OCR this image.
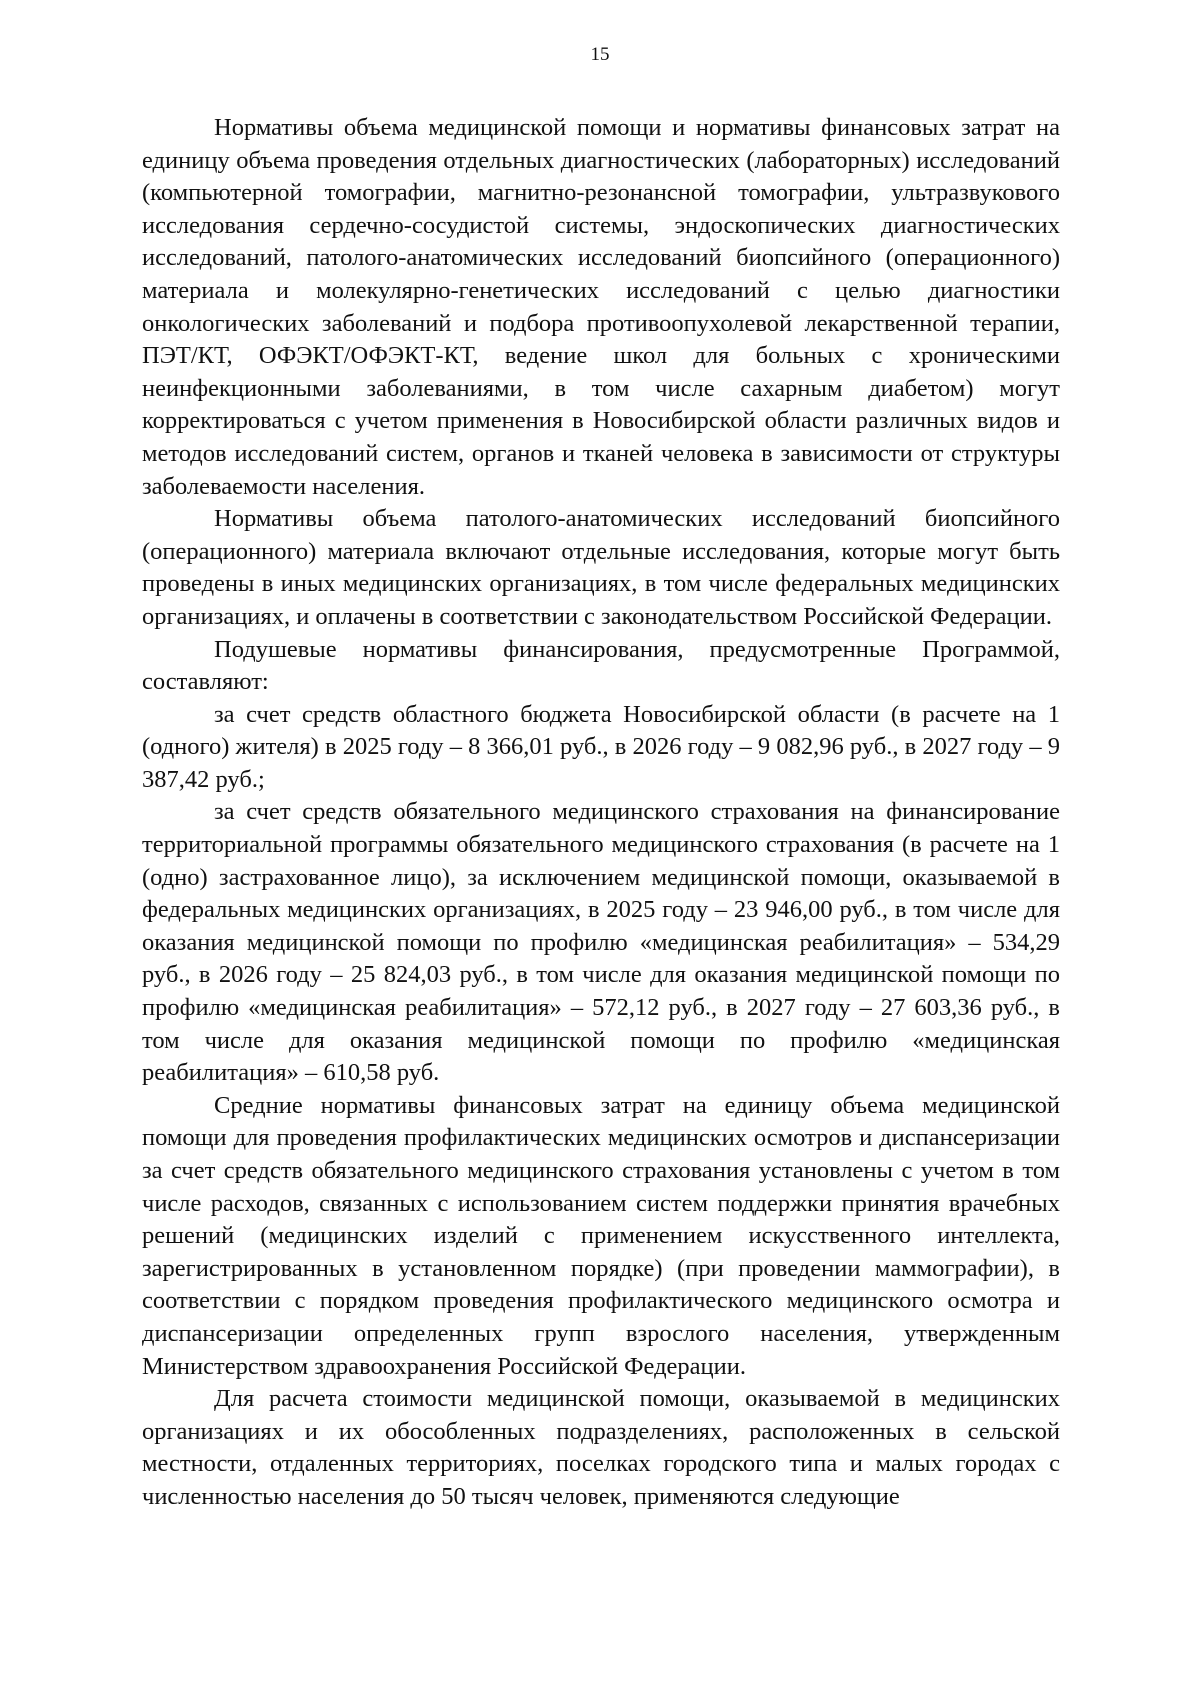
15

Нормативы объема медицинской помощи и нормативы финансовых затрат на единицу объема проведения отдельных диагностических (лабораторных) исследований (компьютерной томографии, магнитно-резонансной томографии, ультразвукового исследования сердечно-сосудистой системы, эндоскопических диагностических исследований, патолого-анатомических исследований биопсийного (операционного) материала и молекулярно-генетических исследований с целью диагностики онкологических заболеваний и подбора противоопухолевой лекарственной терапии, ПЭТ/КТ, ОФЭКТ/ОФЭКТ-КТ, ведение школ для больных с хроническими неинфекционными заболеваниями, в том числе сахарным диабетом) могут корректироваться с учетом применения в Новосибирской области различных видов и методов исследований систем, органов и тканей человека в зависимости от структуры заболеваемости населения.

Нормативы объема патолого-анатомических исследований биопсийного (операционного) материала включают отдельные исследования, которые могут быть проведены в иных медицинских организациях, в том числе федеральных медицинских организациях, и оплачены в соответствии с законодательством Российской Федерации.

Подушевые нормативы финансирования, предусмотренные Программой, составляют:

за счет средств областного бюджета Новосибирской области (в расчете на 1 (одного) жителя) в 2025 году – 8 366,01 руб., в 2026 году – 9 082,96 руб., в 2027 году – 9 387,42 руб.;

за счет средств обязательного медицинского страхования на финансирование территориальной программы обязательного медицинского страхования (в расчете на 1 (одно) застрахованное лицо), за исключением медицинской помощи, оказываемой в федеральных медицинских организациях, в 2025 году – 23 946,00 руб., в том числе для оказания медицинской помощи по профилю «медицинская реабилитация» – 534,29 руб., в 2026 году – 25 824,03 руб., в том числе для оказания медицинской помощи по профилю «медицинская реабилитация» – 572,12 руб., в 2027 году – 27 603,36 руб., в том числе для оказания медицинской помощи по профилю «медицинская реабилитация» – 610,58 руб.

Средние нормативы финансовых затрат на единицу объема медицинской помощи для проведения профилактических медицинских осмотров и диспансеризации за счет средств обязательного медицинского страхования установлены с учетом в том числе расходов, связанных с использованием систем поддержки принятия врачебных решений (медицинских изделий с применением искусственного интеллекта, зарегистрированных в установленном порядке) (при проведении маммографии), в соответствии с порядком проведения профилактического медицинского осмотра и диспансеризации определенных групп взрослого населения, утвержденным Министерством здравоохранения Российской Федерации.

Для расчета стоимости медицинской помощи, оказываемой в медицинских организациях и их обособленных подразделениях, расположенных в сельской местности, отдаленных территориях, поселках городского типа и малых городах с численностью населения до 50 тысяч человек, применяются следующие
